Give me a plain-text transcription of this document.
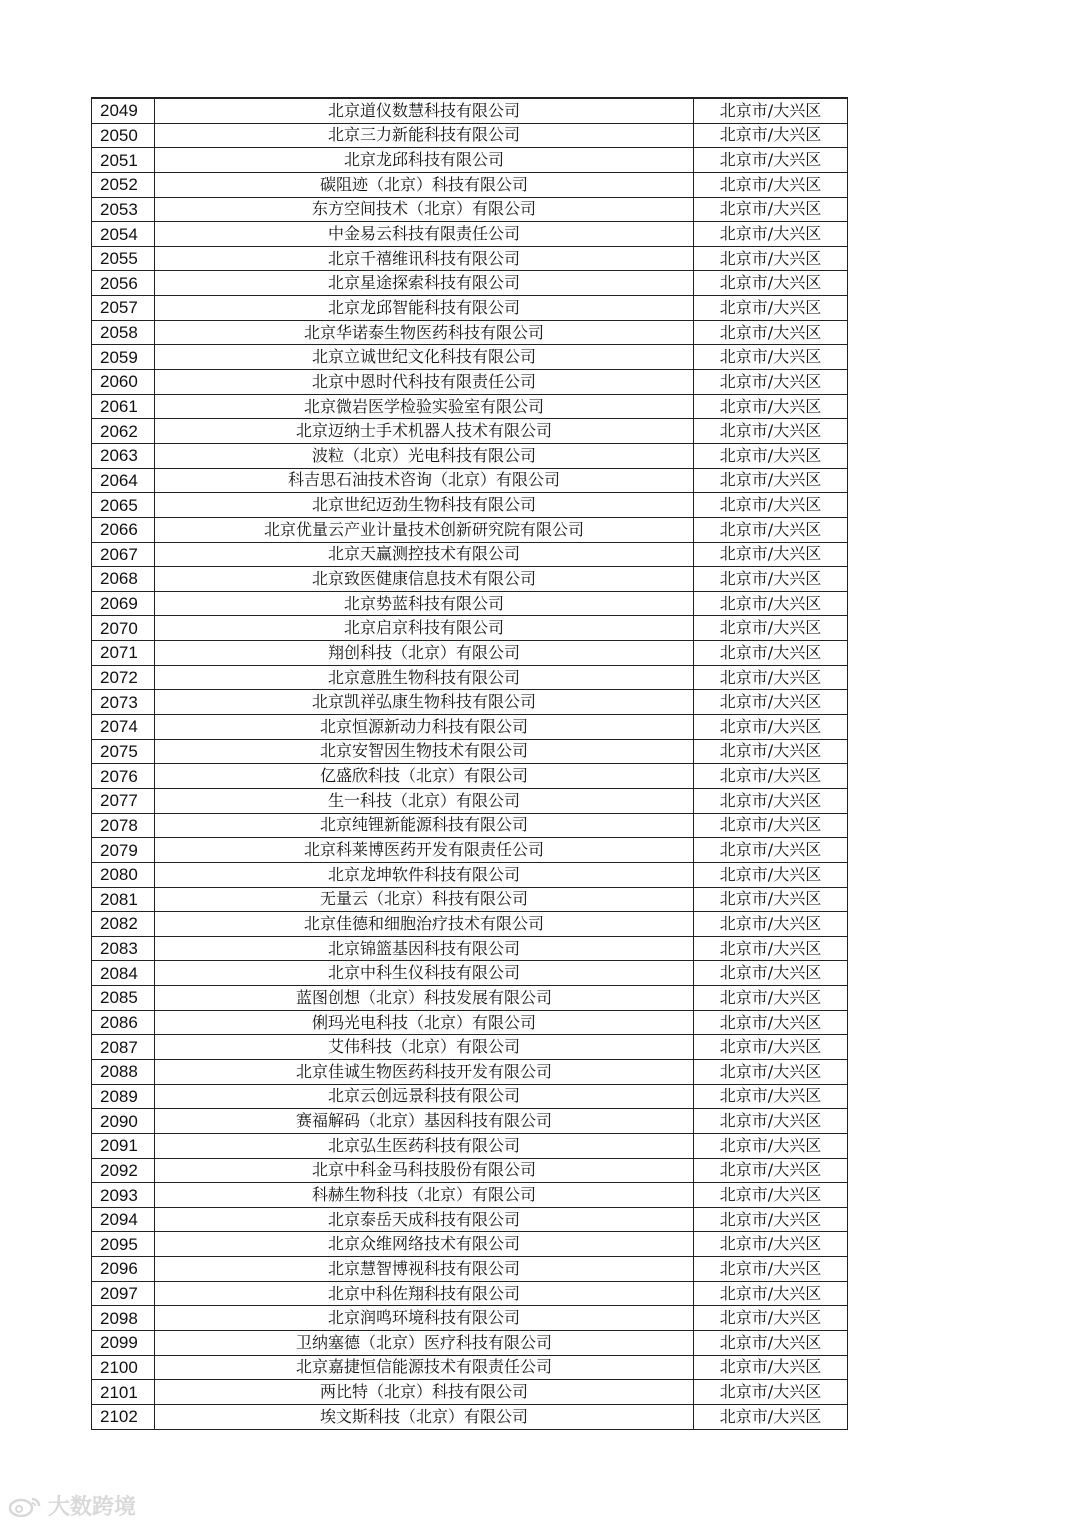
2049	北京道仪数慧科技有限公司	北京市/大兴区
2050	北京三力新能科技有限公司	北京市/大兴区
2051	北京龙邱科技有限公司	北京市/大兴区
2052	碳阻迹（北京）科技有限公司	北京市/大兴区
2053	东方空间技术（北京）有限公司	北京市/大兴区
2054	中金易云科技有限责任公司	北京市/大兴区
2055	北京千禧维讯科技有限公司	北京市/大兴区
2056	北京星途探索科技有限公司	北京市/大兴区
2057	北京龙邱智能科技有限公司	北京市/大兴区
2058	北京华诺泰生物医药科技有限公司	北京市/大兴区
2059	北京立诚世纪文化科技有限公司	北京市/大兴区
2060	北京中恩时代科技有限责任公司	北京市/大兴区
2061	北京微岩医学检验实验室有限公司	北京市/大兴区
2062	北京迈纳士手术机器人技术有限公司	北京市/大兴区
2063	波粒（北京）光电科技有限公司	北京市/大兴区
2064	科吉思石油技术咨询（北京）有限公司	北京市/大兴区
2065	北京世纪迈劲生物科技有限公司	北京市/大兴区
2066	北京优量云产业计量技术创新研究院有限公司	北京市/大兴区
2067	北京天赢测控技术有限公司	北京市/大兴区
2068	北京致医健康信息技术有限公司	北京市/大兴区
2069	北京势蓝科技有限公司	北京市/大兴区
2070	北京启京科技有限公司	北京市/大兴区
2071	翔创科技（北京）有限公司	北京市/大兴区
2072	北京意胜生物科技有限公司	北京市/大兴区
2073	北京凯祥弘康生物科技有限公司	北京市/大兴区
2074	北京恒源新动力科技有限公司	北京市/大兴区
2075	北京安智因生物技术有限公司	北京市/大兴区
2076	亿盛欣科技（北京）有限公司	北京市/大兴区
2077	生一科技（北京）有限公司	北京市/大兴区
2078	北京纯锂新能源科技有限公司	北京市/大兴区
2079	北京科莱博医药开发有限责任公司	北京市/大兴区
2080	北京龙坤软件科技有限公司	北京市/大兴区
2081	无量云（北京）科技有限公司	北京市/大兴区
2082	北京佳德和细胞治疗技术有限公司	北京市/大兴区
2083	北京锦篮基因科技有限公司	北京市/大兴区
2084	北京中科生仪科技有限公司	北京市/大兴区
2085	蓝图创想（北京）科技发展有限公司	北京市/大兴区
2086	俐玛光电科技（北京）有限公司	北京市/大兴区
2087	艾伟科技（北京）有限公司	北京市/大兴区
2088	北京佳诚生物医药科技开发有限公司	北京市/大兴区
2089	北京云创远景科技有限公司	北京市/大兴区
2090	赛福解码（北京）基因科技有限公司	北京市/大兴区
2091	北京弘生医药科技有限公司	北京市/大兴区
2092	北京中科金马科技股份有限公司	北京市/大兴区
2093	科赫生物科技（北京）有限公司	北京市/大兴区
2094	北京泰岳天成科技有限公司	北京市/大兴区
2095	北京众维网络技术有限公司	北京市/大兴区
2096	北京慧智博视科技有限公司	北京市/大兴区
2097	北京中科佐翔科技有限公司	北京市/大兴区
2098	北京润鸣环境科技有限公司	北京市/大兴区
2099	卫纳塞德（北京）医疗科技有限公司	北京市/大兴区
2100	北京嘉捷恒信能源技术有限责任公司	北京市/大兴区
2101	两比特（北京）科技有限公司	北京市/大兴区
2102	埃文斯科技（北京）有限公司	北京市/大兴区
大数跨境
